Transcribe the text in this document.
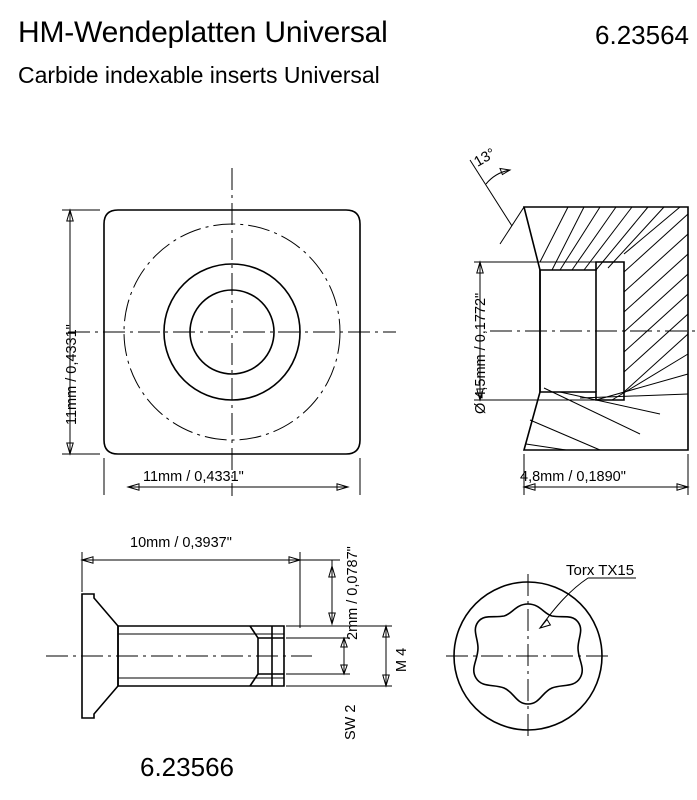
HM-Wendeplatten Universal	6.23564
Carbide indexable inserts Universal
11mm / 0,4331"
11mm / 0,4331"
13°
Ø 4,5mm / 0,1772"
4,8mm / 0,1890"
10mm / 0,3937"
2mm / 0,0787"
M 4
SW 2
Torx TX15
6.23566
